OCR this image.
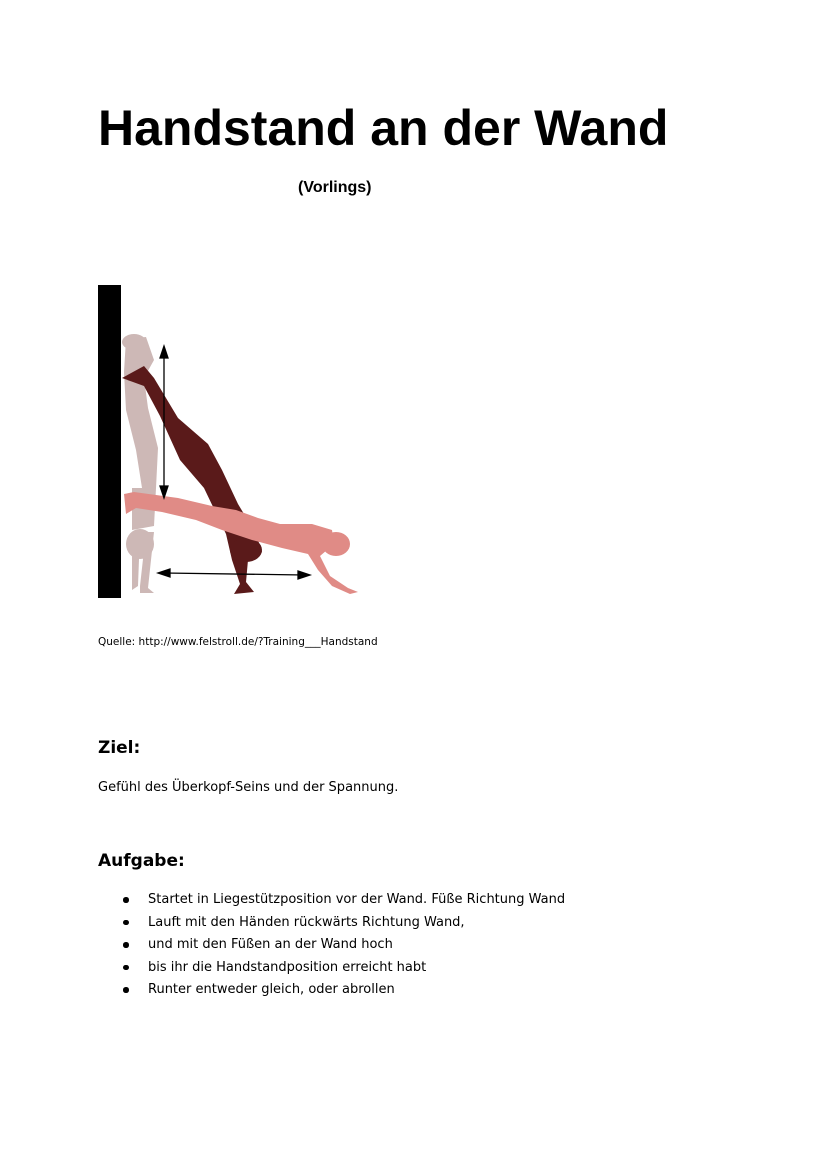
Handstand an der Wand
(Vorlings)
Quelle: http://www.felstroll.de/?Training___Handstand
Ziel:
Gefühl des Überkopf-Seins und der Spannung.
Aufgabe:
Startet in Liegestützposition vor der Wand. Füße Richtung Wand
Lauft mit den Händen rückwärts Richtung Wand,
und mit den Füßen an der Wand hoch
bis ihr die Handstandposition erreicht habt
Runter entweder gleich, oder abrollen
